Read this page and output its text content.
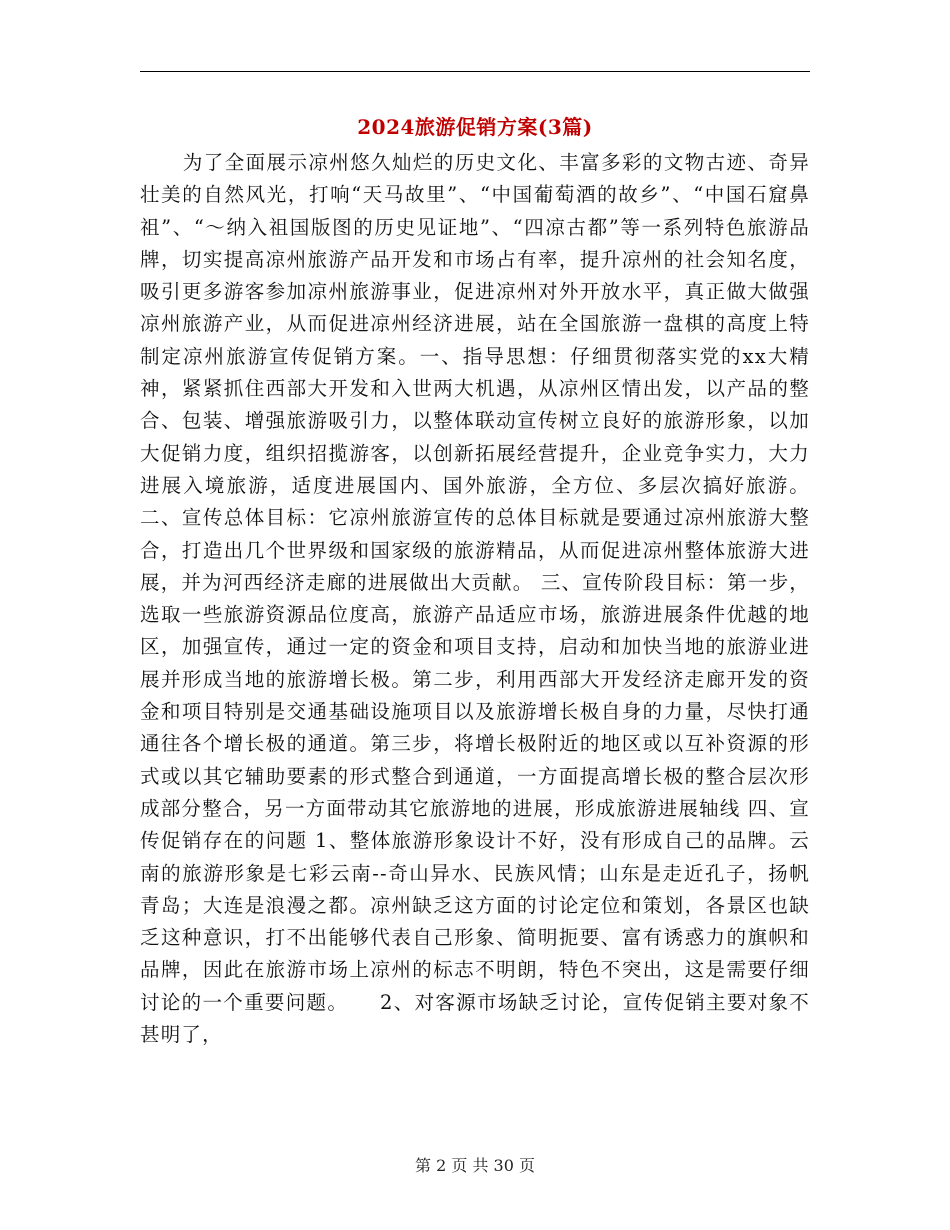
2024旅游促销方案(3篇)

为了全面展示凉州悠久灿烂的历史文化、丰富多彩的文物古迹、奇异壮美的自然风光，打响“天马故里”、“中国葡萄酒的故乡”、“中国石窟鼻祖”、“～纳入祖国版图的历史见证地”、“四凉古都”等一系列特色旅游品牌，切实提高凉州旅游产品开发和市场占有率，提升凉州的社会知名度，吸引更多游客参加凉州旅游事业，促进凉州对外开放水平，真正做大做强凉州旅游产业，从而促进凉州经济进展，站在全国旅游一盘棋的高度上特制定凉州旅游宣传促销方案。一、指导思想：仔细贯彻落实党的xx大精神，紧紧抓住西部大开发和入世两大机遇，从凉州区情出发，以产品的整合、包装、增强旅游吸引力，以整体联动宣传树立良好的旅游形象，以加大促销力度，组织招揽游客，以创新拓展经营提升，企业竞争实力，大力进展入境旅游，适度进展国内、国外旅游，全方位、多层次搞好旅游。 二、宣传总体目标：它凉州旅游宣传的总体目标就是要通过凉州旅游大整合，打造出几个世界级和国家级的旅游精品，从而促进凉州整体旅游大进展，并为河西经济走廊的进展做出大贡献。 三、宣传阶段目标：第一步，选取一些旅游资源品位度高，旅游产品适应市场，旅游进展条件优越的地区，加强宣传，通过一定的资金和项目支持，启动和加快当地的旅游业进展并形成当地的旅游增长极。第二步，利用西部大开发经济走廊开发的资金和项目特别是交通基础设施项目以及旅游增长极自身的力量，尽快打通通往各个增长极的通道。第三步，将增长极附近的地区或以互补资源的形式或以其它辅助要素的形式整合到通道，一方面提高增长极的整合层次形成部分整合，另一方面带动其它旅游地的进展，形成旅游进展轴线 四、宣传促销存在的问题 1、整体旅游形象设计不好，没有形成自己的品牌。云南的旅游形象是七彩云南--奇山异水、民族风情；山东是走近孔子，扬帆青岛；大连是浪漫之都。凉州缺乏这方面的讨论定位和策划，各景区也缺乏这种意识，打不出能够代表自己形象、简明扼要、富有诱惑力的旗帜和品牌，因此在旅游市场上凉州的标志不明朗，特色不突出，这是需要仔细讨论的一个重要问题。　　2、对客源市场缺乏讨论，宣传促销主要对象不甚明了，

第 2 页 共 30 页
